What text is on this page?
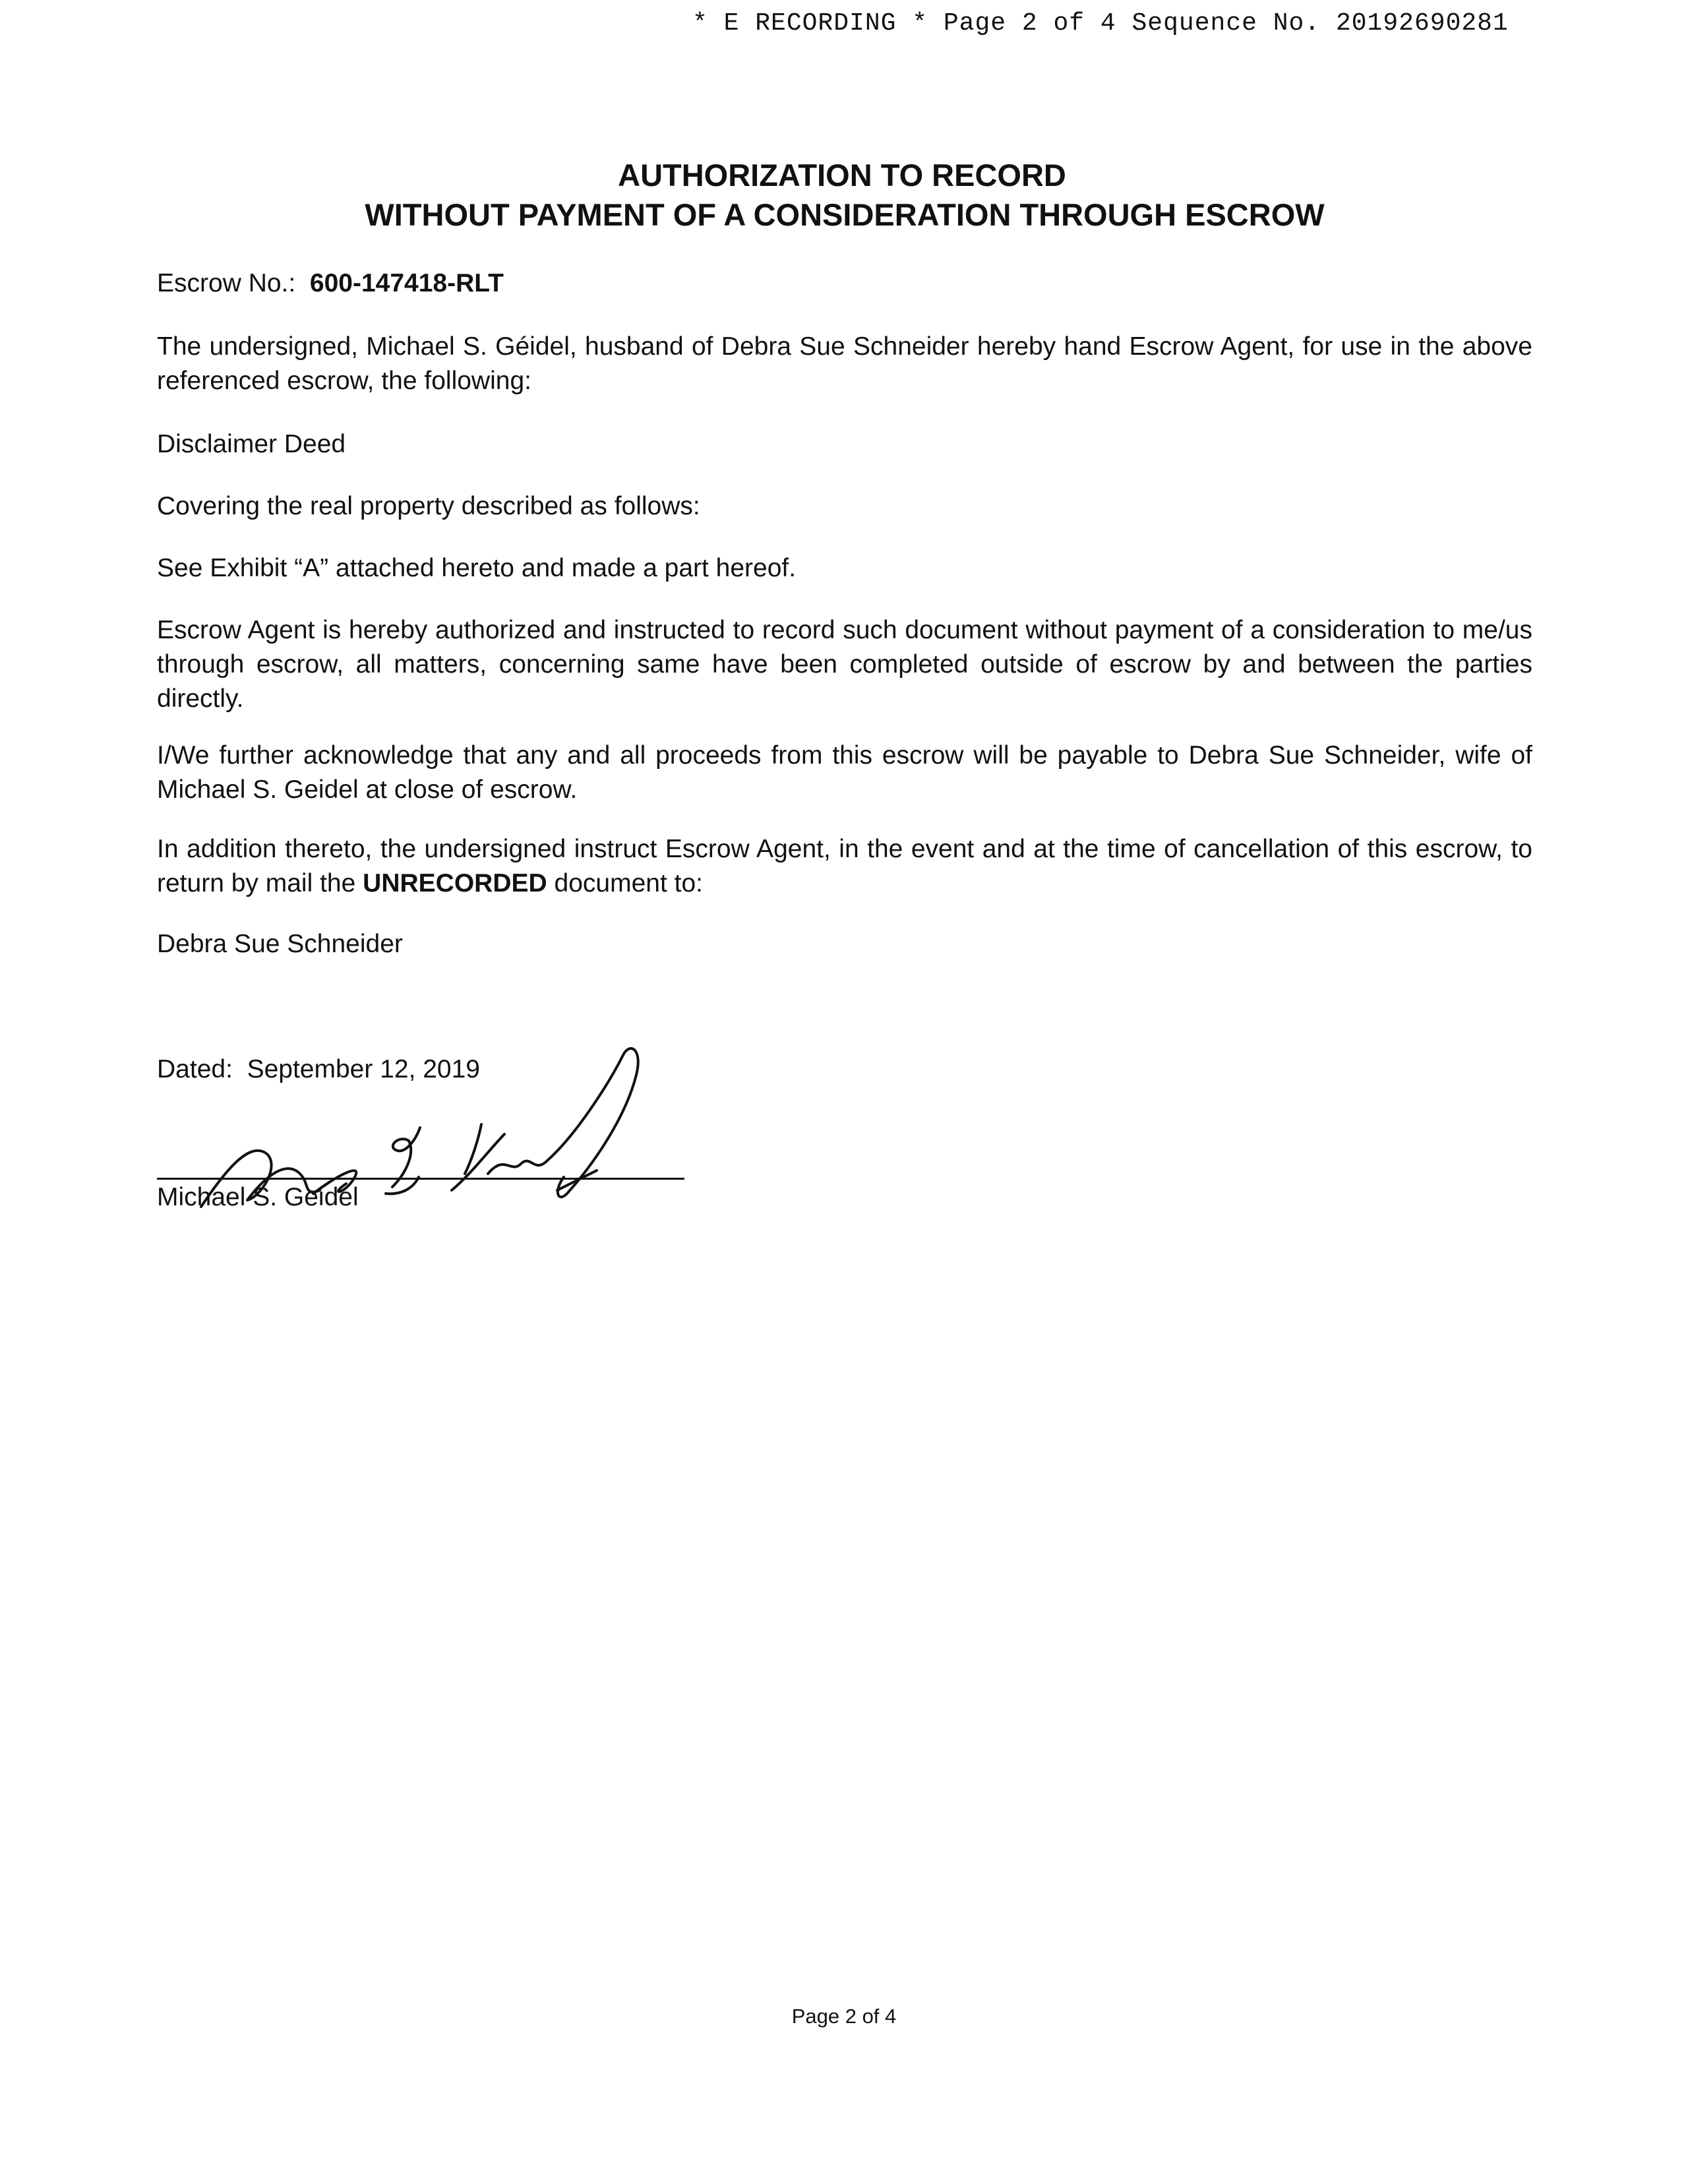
* E RECORDING * Page 2 of 4 Sequence No. 20192690281
AUTHORIZATION TO RECORD
WITHOUT PAYMENT OF A CONSIDERATION THROUGH ESCROW
Escrow No.: 600-147418-RLT
The undersigned, Michael S. Géidel, husband of Debra Sue Schneider hereby hand Escrow Agent, for use in the above referenced escrow, the following:
Disclaimer Deed
Covering the real property described as follows:
See Exhibit “A” attached hereto and made a part hereof.
Escrow Agent is hereby authorized and instructed to record such document without payment of a consideration to me/us through escrow, all matters, concerning same have been completed outside of escrow by and between the parties directly.
I/We further acknowledge that any and all proceeds from this escrow will be payable to Debra Sue Schneider, wife of Michael S. Geidel at close of escrow.
In addition thereto, the undersigned instruct Escrow Agent, in the event and at the time of cancellation of this escrow, to return by mail the UNRECORDED document to:
Debra Sue Schneider
Dated: September 12, 2019
Michael S. Geidel
Page 2 of 4
